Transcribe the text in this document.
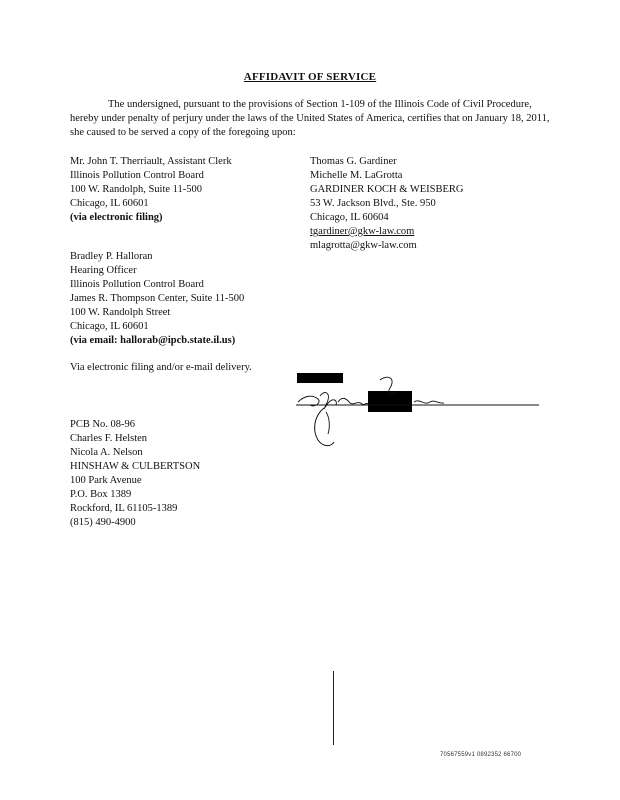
AFFIDAVIT OF SERVICE
The undersigned, pursuant to the provisions of Section 1-109 of the Illinois Code of Civil Procedure, hereby under penalty of perjury under the laws of the United States of America, certifies that on January 18, 2011, she caused to be served a copy of the foregoing upon:
Mr. John T. Therriault, Assistant Clerk
Illinois Pollution Control Board
100 W. Randolph, Suite 11-500
Chicago, IL 60601
(via electronic filing)
Thomas G. Gardiner
Michelle M. LaGrotta
GARDINER KOCH & WEISBERG
53 W. Jackson Blvd., Ste. 950
Chicago, IL 60604
tgardiner@gkw-law.com
mlagrotta@gkw-law.com
Bradley P. Halloran
Hearing Officer
Illinois Pollution Control Board
James R. Thompson Center, Suite 11-500
100 W. Randolph Street
Chicago, IL 60601
(via email: hallorab@ipcb.state.il.us)
Via electronic filing and/or e-mail delivery.
PCB No. 08-96
Charles F. Helsten
Nicola A. Nelson
HINSHAW & CULBERTSON
100 Park Avenue
P.O. Box 1389
Rockford, IL 61105-1389
(815) 490-4900
70567559v1 0892352 66700
